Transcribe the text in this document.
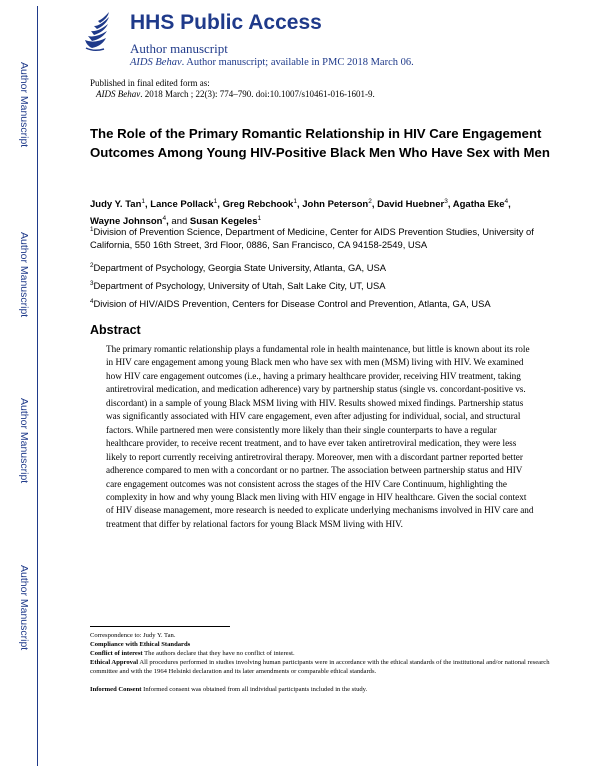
Author Manuscript
Author Manuscript
Author Manuscript
Author Manuscript
HHS Public Access
Author manuscript
AIDS Behav. Author manuscript; available in PMC 2018 March 06.
Published in final edited form as:
AIDS Behav. 2018 March ; 22(3): 774–790. doi:10.1007/s10461-016-1601-9.
The Role of the Primary Romantic Relationship in HIV Care Engagement Outcomes Among Young HIV-Positive Black Men Who Have Sex with Men
Judy Y. Tan$^1$, Lance Pollack$^1$, Greg Rebchook$^1$, John Peterson$^2$, David Huebner$^3$, Agatha Eke$^4$, Wayne Johnson$^4$, and Susan Kegeles$^1$
$^1$Division of Prevention Science, Department of Medicine, Center for AIDS Prevention Studies, University of California, 550 16th Street, 3rd Floor, 0886, San Francisco, CA 94158-2549, USA
$^2$Department of Psychology, Georgia State University, Atlanta, GA, USA
$^3$Department of Psychology, University of Utah, Salt Lake City, UT, USA
$^4$Division of HIV/AIDS Prevention, Centers for Disease Control and Prevention, Atlanta, GA, USA
Abstract

The primary romantic relationship plays a fundamental role in health maintenance, but little is known about its role in HIV care engagement among young Black men who have sex with men (MSM) living with HIV. We examined how HIV care engagement outcomes (i.e., having a primary healthcare provider, receiving HIV treatment, taking antiretroviral medication, and medication adherence) vary by partnership status (single vs. concordant-positive vs. discordant) in a sample of young Black MSM living with HIV. Results showed mixed findings. Partnership status was significantly associated with HIV care engagement, even after adjusting for individual, social, and structural factors. While partnered men were consistently more likely than their single counterparts to have a regular healthcare provider, to receive recent treatment, and to have ever taken antiretroviral medication, they were less likely to report currently receiving antiretroviral therapy. Moreover, men with a discordant partner reported better adherence compared to men with a concordant or no partner. The association between partnership status and HIV care engagement outcomes was not consistent across the stages of the HIV Care Continuum, highlighting the complexity in how and why young Black men living with HIV engage in HIV healthcare. Given the social context of HIV disease management, more research is needed to explicate underlying mechanisms involved in HIV care and treatment that differ by relational factors for young Black MSM living with HIV.

Correspondence to: Judy Y. Tan.
Compliance with Ethical Standards
Conflict of interest The authors declare that they have no conflict of interest.
Ethical Approval All procedures performed in studies involving human participants were in accordance with the ethical standards of the institutional and/or national research committee and with the 1964 Helsinki declaration and its later amendments or comparable ethical standards.
Informed Consent Informed consent was obtained from all individual participants included in the study.
